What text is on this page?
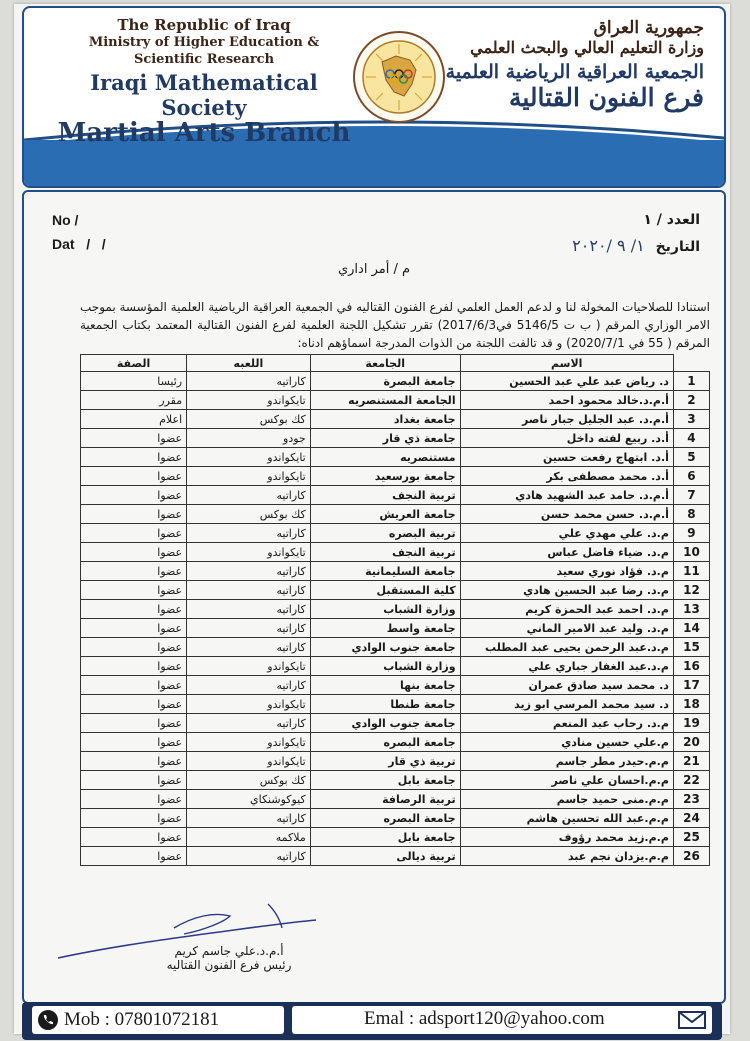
The Republic of Iraq
Ministry of Higher Education &
Scientific Research
Iraqi Mathematical Society
Martial Arts Branch
جمهورية العراق
وزارة التعليم العالي والبحث العلمي
الجمعية العراقية الرياضية العلمية
فرع الفنون القتالية
No /
Dat   /   /
العدد / ١
التاريخ ١/ ٩ /٢٠٢٠
م / أمر اداري
استنادا للصلاحيات المخولة لنا و لدعم العمل العلمي لفرع الفنون القتاليه في الجمعية العراقية الرياضية العلمية المؤسسة بموجب الامر الوزاري المرقم ( ب ت 5146/5 في2017/6/3) تقرر تشكيل اللجنة العلمية لفرع الفنون القتالية المعتمد بكتاب الجمعية المرقم ( 55 في 2020/7/1) و قد تالفت اللجنة من الذوات المدرجة اسماؤهم ادناه:
	الاسم	الجامعة	اللعبه	الصفة
1	د. رياض عبد علي عبد الحسين	جامعة البصرة	كاراتيه	رئيسا
2	أ.م.د.خالد محمود احمد	الجامعة المستنصريه	تايكواندو	مقرر
3	أ.م.د. عبد الجليل جبار ناصر	جامعة بغداد	كك بوكس	اعلام
4	أ.د. ربيع لفته داخل	جامعة ذي قار	جودو	عضوا
5	أ.د. ابتهاج رفعت حسين	مستنصريه	تايكواندو	عضوا
6	أ.د. محمد مصطفى بكر	جامعة بورسعيد	تايكواندو	عضوا
7	أ.م.د. حامد عبد الشهيد هادي	تربية النجف	كاراتيه	عضوا
8	أ.م.د. حسن محمد حسن	جامعة العريش	كك بوكس	عضوا
9	م.د. علي مهدي علي	تربية البصره	كاراتيه	عضوا
10	م.د. ضياء فاضل عباس	تربية النجف	تايكواندو	عضوا
11	م.د. فؤاد نوري سعيد	جامعة السليمانية	كاراتيه	عضوا
12	م.د. رضا عبد الحسين هادي	كلية المستقبل	كاراتيه	عضوا
13	م.د. احمد عبد الحمزة كريم	وزارة الشباب	كاراتيه	عضوا
14	م.د. وليد عبد الامير الماني	جامعة واسط	كاراتيه	عضوا
15	م.د.عبد الرحمن يحيى عبد المطلب	جامعة جنوب الوادي	كاراتيه	عضوا
16	م.د.عبد الغفار جباري علي	وزارة الشباب	تايكواندو	عضوا
17	د. محمد سيد صادق عمران	جامعة بنها	كاراتيه	عضوا
18	د. سيد محمد المرسي ابو زيد	جامعة طنطا	تايكواندو	عضوا
19	م.د. رحاب عبد المنعم	جامعة جنوب الوادي	كاراتيه	عضوا
20	م.علي حسين منادي	جامعة البصره	تايكواندو	عضوا
21	م.م.حيدر مطر جاسم	تربية ذي قار	تايكواندو	عضوا
22	م.م.احسان علي ناصر	جامعة بابل	كك بوكس	عضوا
23	م.م.منى حميد جاسم	تربية الرصافة	كيوكوشنكاي	عضوا
24	م.م.عبد الله تحسين هاشم	جامعة البصره	كاراتيه	عضوا
25	م.م.زيد محمد رؤوف	جامعة بابل	ملاكمه	عضوا
26	م.م.يزدان نجم عبد	تربية ديالى	كاراتيه	عضوا
أ.م.د.علي جاسم كريم
رئيس فرع الفنون القتاليه
Mob : 07801072181	Emal : adsport120@yahoo.com
